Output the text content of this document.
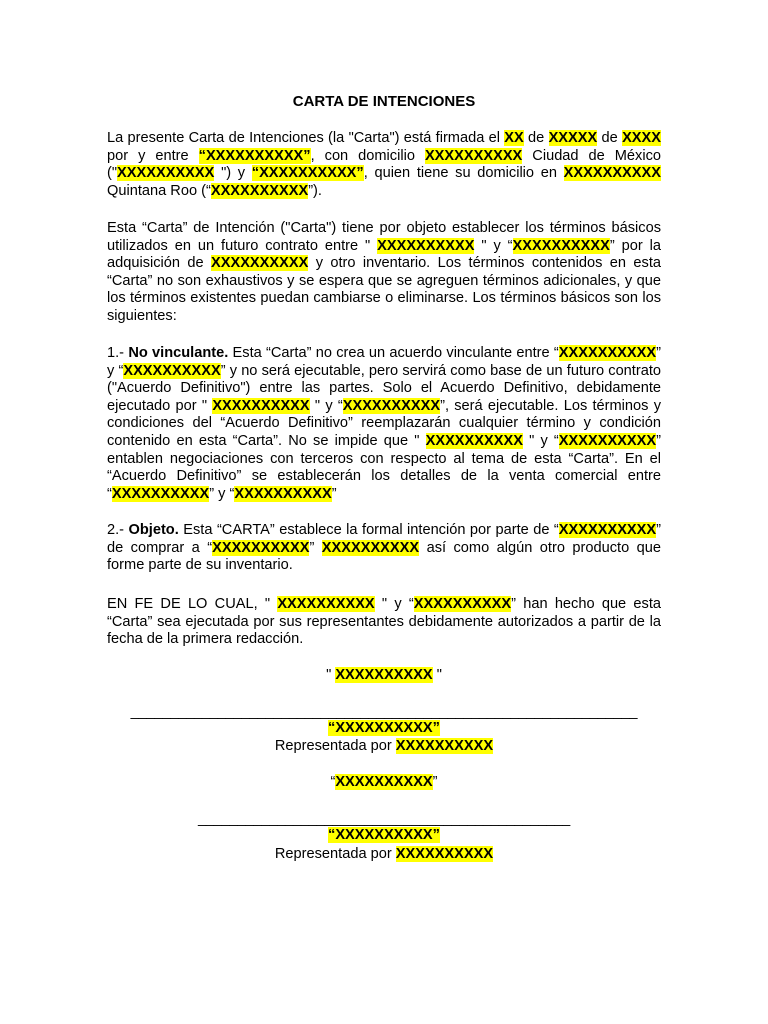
CARTA DE INTENCIONES

La presente Carta de Intenciones (la "Carta") está firmada el XX de XXXXX de XXXX por y entre “XXXXXXXXXX”, con domicilio XXXXXXXXXX Ciudad de México ("XXXXXXXXXX ") y “XXXXXXXXXX”, quien tiene su domicilio en XXXXXXXXXX Quintana Roo (“XXXXXXXXXX”).

Esta “Carta” de Intención ("Carta") tiene por objeto establecer los términos básicos utilizados en un futuro contrato entre " XXXXXXXXXX " y “XXXXXXXXXX” por la adquisición de XXXXXXXXXX y otro inventario. Los términos contenidos en esta “Carta” no son exhaustivos y se espera que se agreguen términos adicionales, y que los términos existentes puedan cambiarse o eliminarse. Los términos básicos son los siguientes:

1.- No vinculante. Esta “Carta” no crea un acuerdo vinculante entre “XXXXXXXXXX” y “XXXXXXXXXX” y no será ejecutable, pero servirá como base de un futuro contrato ("Acuerdo Definitivo") entre las partes. Solo el Acuerdo Definitivo, debidamente ejecutado por " XXXXXXXXXX " y “XXXXXXXXXX”, será ejecutable. Los términos y condiciones del “Acuerdo Definitivo” reemplazarán cualquier término y condición contenido en esta “Carta”. No se impide que " XXXXXXXXXX " y “XXXXXXXXXX” entablen negociaciones con terceros con respecto al tema de esta “Carta”. En el “Acuerdo Definitivo” se establecerán los detalles de la venta comercial entre “XXXXXXXXXX” y “XXXXXXXXXX”

2.- Objeto. Esta “CARTA” establece la formal intención por parte de “XXXXXXXXXX” de comprar a “XXXXXXXXXX” XXXXXXXXXX así como algún otro producto que forme parte de su inventario.

EN FE DE LO CUAL, " XXXXXXXXXX " y “XXXXXXXXXX” han hecho que esta “Carta” sea ejecutada por sus representantes debidamente autorizados a partir de la fecha de la primera redacción.

" XXXXXXXXXX "

________________________________________________________________

“XXXXXXXXXX”

Representada por XXXXXXXXXX

“XXXXXXXXXX”

_______________________________________________

“XXXXXXXXXX”

Representada por XXXXXXXXXX
